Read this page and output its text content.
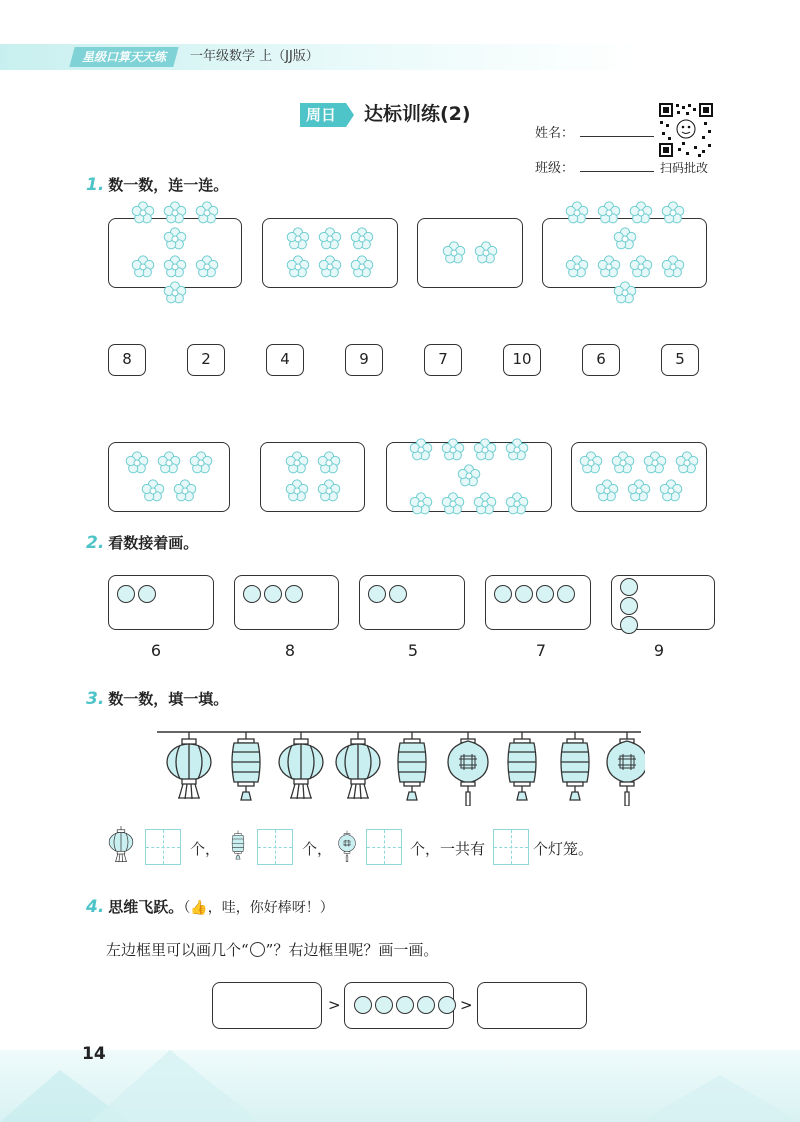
星级口算天天练	一年级数学 上（JJ版）
周日 达标训练(2)
姓名：
班级：	扫码批改
1. 数一数，连一连。
8	2	4	9	7	10	6	5
2. 看数接着画。
6	8	5	7	9
3. 数一数，填一填。
个，	个，	个，一共有	个灯笼。
4. 思维飞跃。（👍，哇，你好棒呀！）
左边框里可以画几个“ ”？右边框里呢？画一画。
>	>
14
